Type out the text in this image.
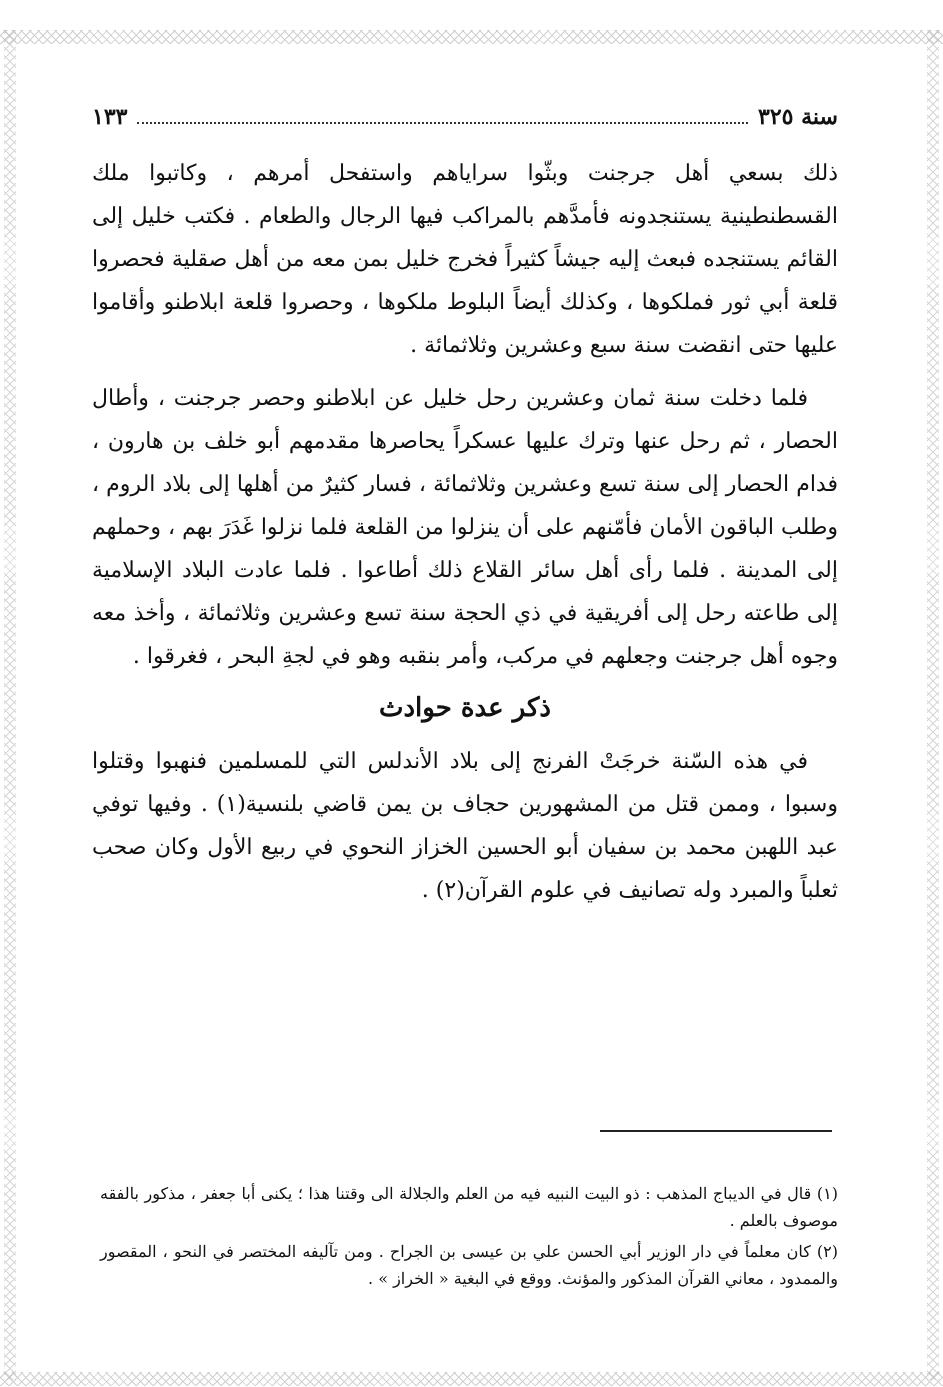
سنة ٣٢٥
١٣٣

ذلك بسعي أهل جرجنت وبثّوا سراياهم واستفحل أمرهم ، وكاتبوا ملك القسطنطينية يستنجدونه فأمدَّهم بالمراكب فيها الرجال والطعام . فكتب خليل إلى القائم يستنجده فبعث إليه جيشاً كثيراً فخرج خليل بمن معه من أهل صقلية فحصروا قلعة أبي ثور فملكوها ، وكذلك أيضاً البلوط ملكوها ، وحصروا قلعة ابلاطنو وأقاموا عليها حتى انقضت سنة سبع وعشرين وثلاثمائة .

فلما دخلت سنة ثمان وعشرين رحل خليل عن ابلاطنو وحصر جرجنت ، وأطال الحصار ، ثم رحل عنها وترك عليها عسكراً يحاصرها مقدمهم أبو خلف بن هارون ، فدام الحصار إلى سنة تسع وعشرين وثلاثمائة ، فسار كثيرٌ من أهلها إلى بلاد الروم ، وطلب الباقون الأمان فأمّنهم على أن ينزلوا من القلعة فلما نزلوا غَدَرَ بهم ، وحملهم إلى المدينة . فلما رأى أهل سائر القلاع ذلك أطاعوا . فلما عادت البلاد الإسلامية إلى طاعته رحل إلى أفريقية في ذي الحجة سنة تسع وعشرين وثلاثمائة ، وأخذ معه وجوه أهل جرجنت وجعلهم في مركب، وأمر بنقبه وهو في لجةِ البحر ، فغرقوا .

ذكر عدة حوادث

في هذه السّنة خرجَتْ الفرنج إلى بلاد الأندلس التي للمسلمين فنهبوا وقتلوا وسبوا ، وممن قتل من المشهورين حجاف بن يمن قاضي بلنسية(١) . وفيها توفي عبد اللهبن محمد بن سفيان أبو الحسين الخزاز النحوي في ربيع الأول وكان صحب ثعلباً والمبرد وله تصانيف في علوم القرآن(٢) .

(١) قال في الديباج المذهب : ذو البيت النبيه فيه من العلم والجلالة الى وقتنا هذا ؛ يكنى أبا جعفر ، مذكور بالفقه موصوف بالعلم .

(٢) كان معلماً في دار الوزير أبي الحسن علي بن عيسى بن الجراح . ومن تآليفه المختصر في النحو ، المقصور والممدود ، معاني القرآن المذكور والمؤنث. ووقع في البغية « الخراز » .
